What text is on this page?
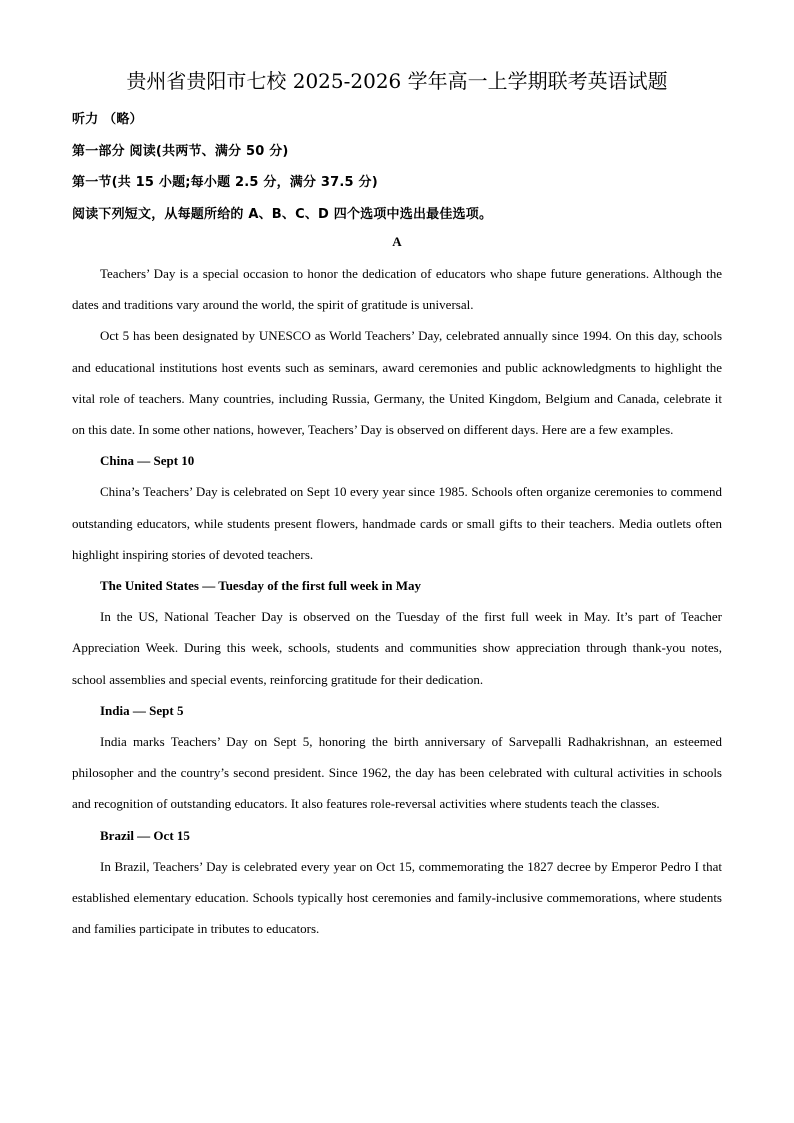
贵州省贵阳市七校 2025-2026 学年高一上学期联考英语试题

听力 （略）

第一部分 阅读(共两节、满分 50 分)

第一节(共 15 小题;每小题 2.5 分，满分 37.5 分)

阅读下列短文，从每题所给的 A、B、C、D 四个选项中选出最佳选项。

A

Teachers’ Day is a special occasion to honor the dedication of educators who shape future generations. Although the dates and traditions vary around the world, the spirit of gratitude is universal.

Oct 5 has been designated by UNESCO as World Teachers’ Day, celebrated annually since 1994. On this day, schools and educational institutions host events such as seminars, award ceremonies and public acknowledgments to highlight the vital role of teachers. Many countries, including Russia, Germany, the United Kingdom, Belgium and Canada, celebrate it on this date. In some other nations, however, Teachers’ Day is observed on different days. Here are a few examples.

China — Sept 10

China’s Teachers’ Day is celebrated on Sept 10 every year since 1985. Schools often organize ceremonies to commend outstanding educators, while students present flowers, handmade cards or small gifts to their teachers. Media outlets often highlight inspiring stories of devoted teachers.

The United States — Tuesday of the first full week in May

In the US, National Teacher Day is observed on the Tuesday of the first full week in May. It’s part of Teacher Appreciation Week. During this week, schools, students and communities show appreciation through thank-you notes, school assemblies and special events, reinforcing gratitude for their dedication.

India — Sept 5

India marks Teachers’ Day on Sept 5, honoring the birth anniversary of Sarvepalli Radhakrishnan, an esteemed philosopher and the country’s second president. Since 1962, the day has been celebrated with cultural activities in schools and recognition of outstanding educators. It also features role-reversal activities where students teach the classes.

Brazil — Oct 15

In Brazil, Teachers’ Day is celebrated every year on Oct 15, commemorating the 1827 decree by Emperor Pedro I that established elementary education. Schools typically host ceremonies and family-inclusive commemorations, where students and families participate in tributes to educators.
